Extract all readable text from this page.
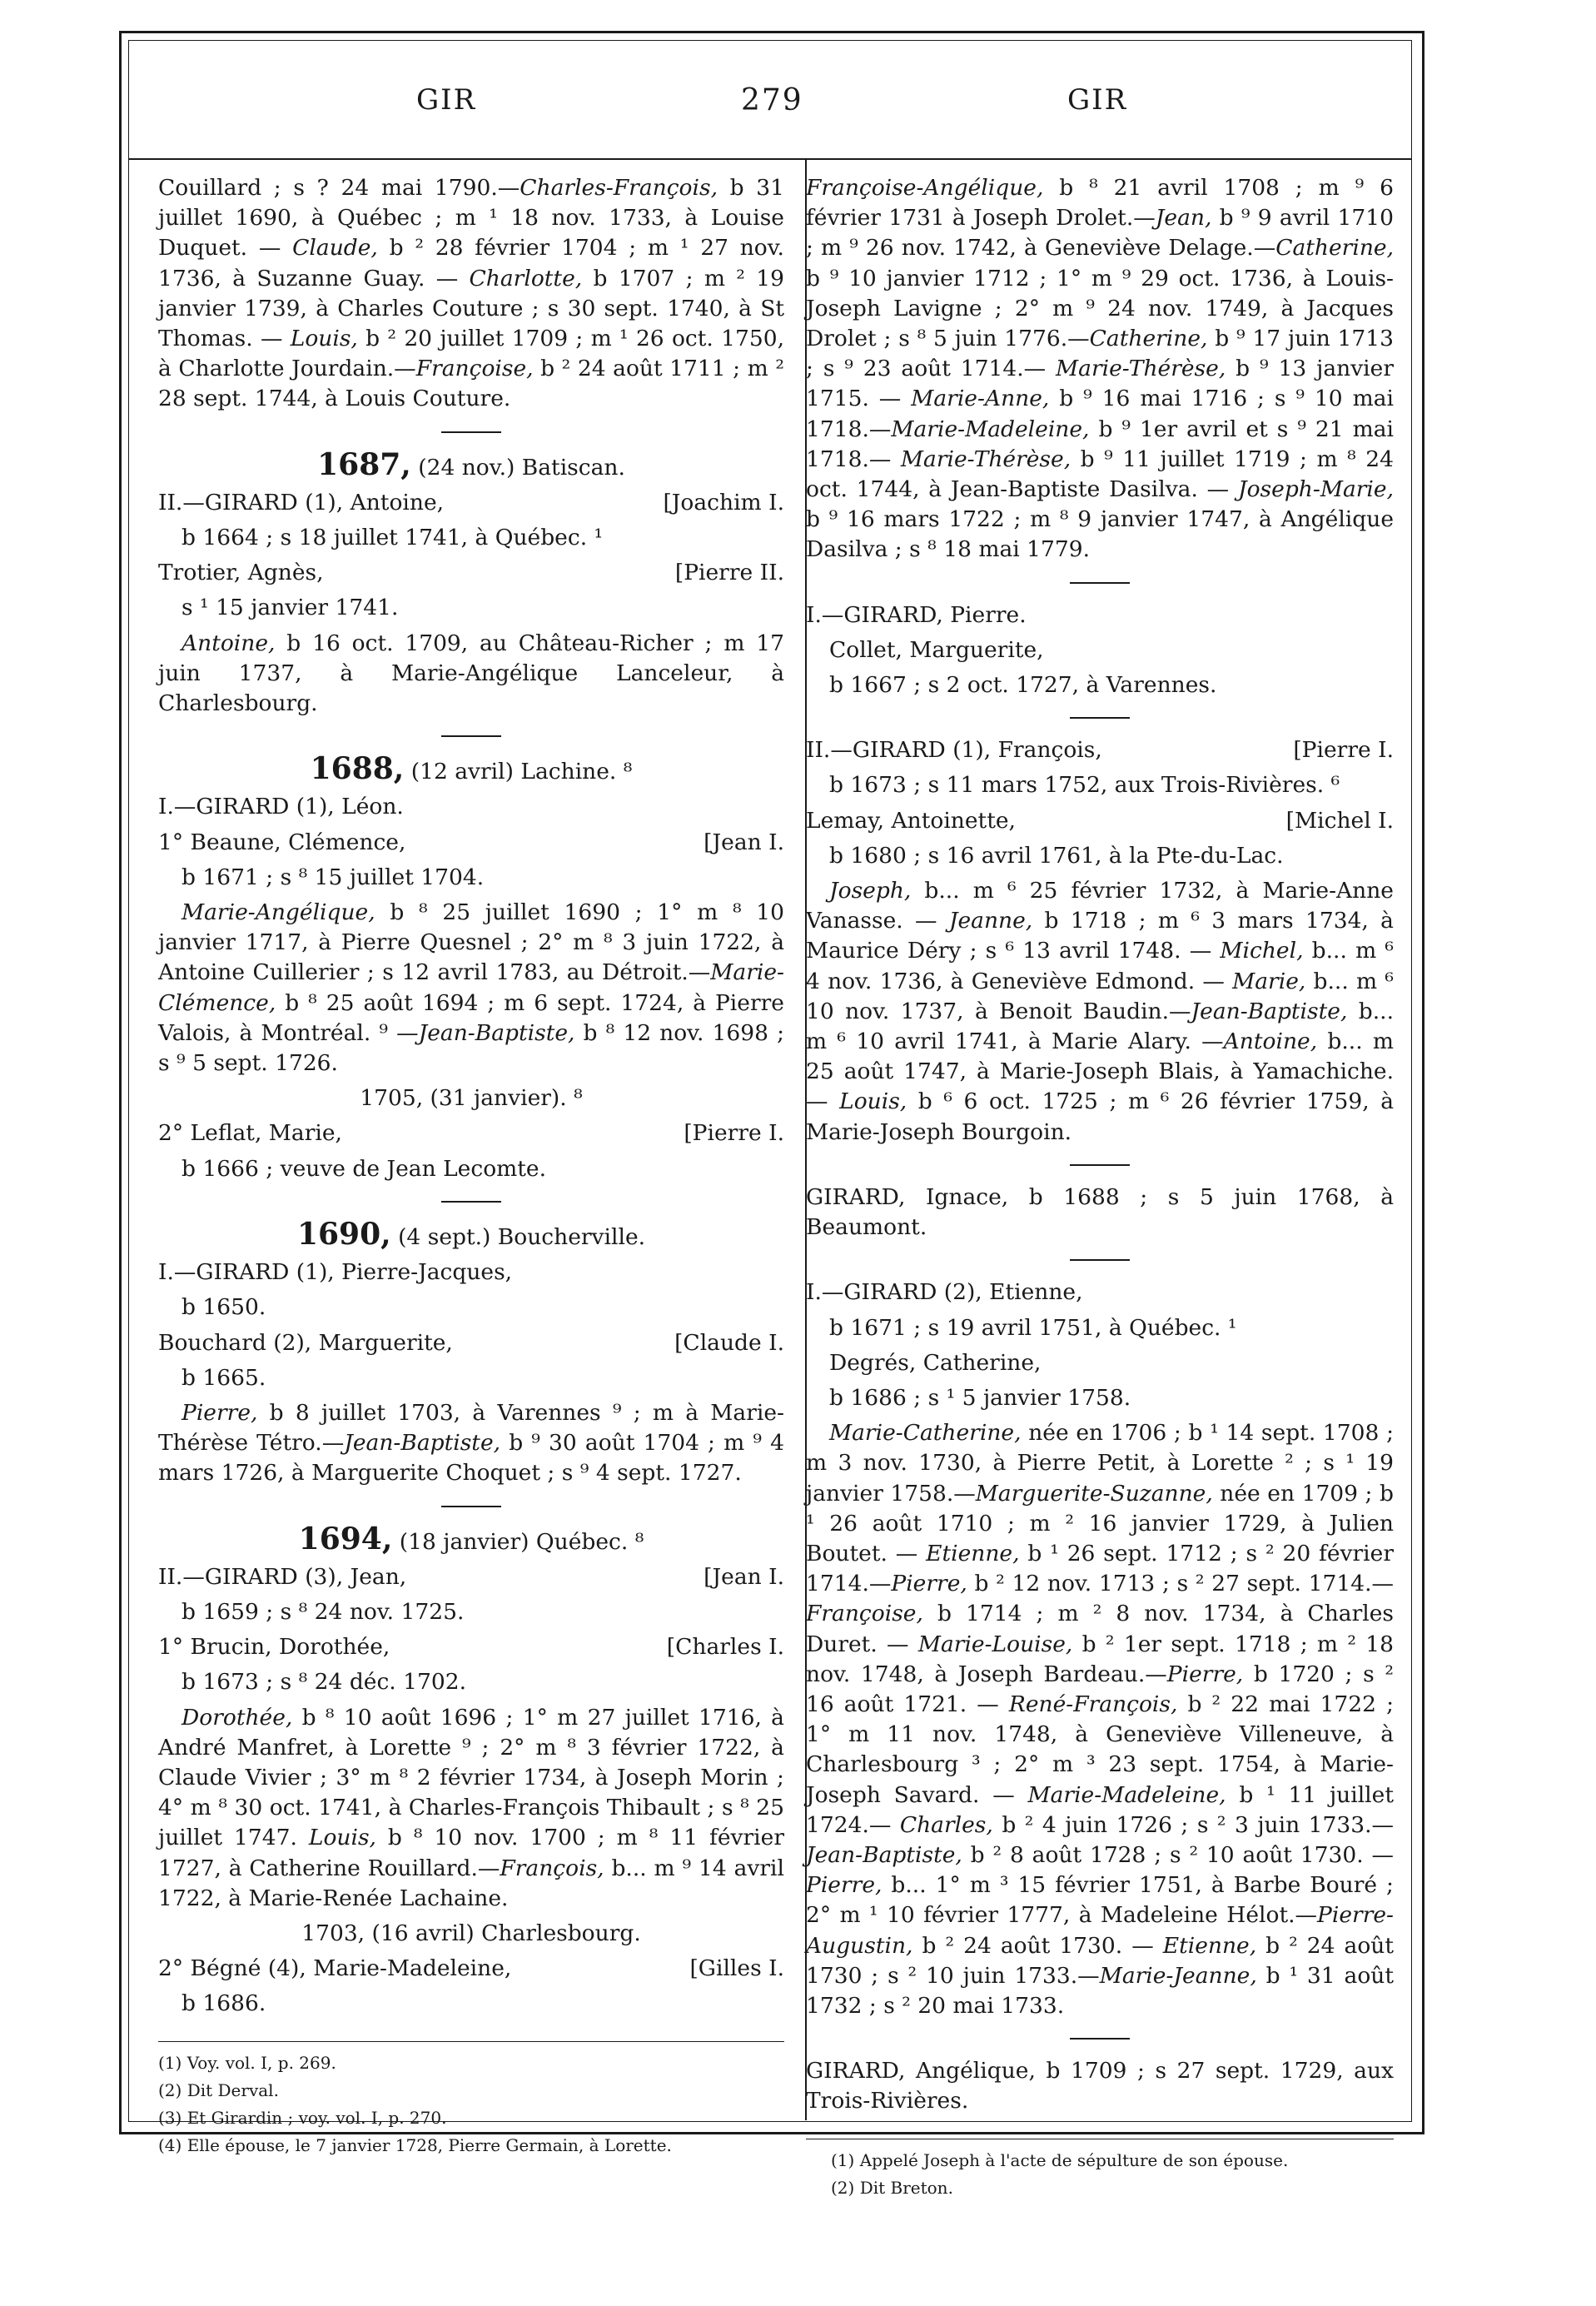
GIR	279	GIR

Couillard ; s ? 24 mai 1790.—Charles-François, b 31 juillet 1690, à Québec ; m ¹ 18 nov. 1733, à Louise Duquet. — Claude, b ² 28 février 1704 ; m ¹ 27 nov. 1736, à Suzanne Guay. — Charlotte, b 1707 ; m ² 19 janvier 1739, à Charles Couture ; s 30 sept. 1740, à St Thomas. — Louis, b ² 20 juillet 1709 ; m ¹ 26 oct. 1750, à Charlotte Jourdain.—Françoise, b ² 24 août 1711 ; m ² 28 sept. 1744, à Louis Couture.

1687, (24 nov.) Batiscan.

II.—GIRARD (1), Antoine,	[Joachim I.

b 1664 ; s 18 juillet 1741, à Québec. ¹

Trotier, Agnès,	[Pierre II.

s ¹ 15 janvier 1741.

Antoine, b 16 oct. 1709, au Château-Richer ; m 17 juin 1737, à Marie-Angélique Lanceleur, à Charlesbourg.

1688, (12 avril) Lachine. ⁸

I.—GIRARD (1), Léon.

1° Beaune, Clémence,	[Jean I.

b 1671 ; s ⁸ 15 juillet 1704.

Marie-Angélique, b ⁸ 25 juillet 1690 ; 1° m ⁸ 10 janvier 1717, à Pierre Quesnel ; 2° m ⁸ 3 juin 1722, à Antoine Cuillerier ; s 12 avril 1783, au Détroit.—Marie-Clémence, b ⁸ 25 août 1694 ; m 6 sept. 1724, à Pierre Valois, à Montréal. ⁹ —Jean-Baptiste, b ⁸ 12 nov. 1698 ; s ⁹ 5 sept. 1726.

1705, (31 janvier). ⁸

2° Leflat, Marie,	[Pierre I.

b 1666 ; veuve de Jean Lecomte.

1690, (4 sept.) Boucherville.

I.—GIRARD (1), Pierre-Jacques,

b 1650.

Bouchard (2), Marguerite,	[Claude I.

b 1665.

Pierre, b 8 juillet 1703, à Varennes ⁹ ; m à Marie-Thérèse Tétro.—Jean-Baptiste, b ⁹ 30 août 1704 ; m ⁹ 4 mars 1726, à Marguerite Choquet ; s ⁹ 4 sept. 1727.

1694, (18 janvier) Québec. ⁸

II.—GIRARD (3), Jean,	[Jean I.

b 1659 ; s ⁸ 24 nov. 1725.

1° Brucin, Dorothée,	[Charles I.

b 1673 ; s ⁸ 24 déc. 1702.

Dorothée, b ⁸ 10 août 1696 ; 1° m 27 juillet 1716, à André Manfret, à Lorette ⁹ ; 2° m ⁸ 3 février 1722, à Claude Vivier ; 3° m ⁸ 2 février 1734, à Joseph Morin ; 4° m ⁸ 30 oct. 1741, à Charles-François Thibault ; s ⁸ 25 juillet 1747. Louis, b ⁸ 10 nov. 1700 ; m ⁸ 11 février 1727, à Catherine Rouillard.—François, b... m ⁹ 14 avril 1722, à Marie-Renée Lachaine.

1703, (16 avril) Charlesbourg.

2° Bégné (4), Marie-Madeleine,	[Gilles I.

b 1686.

(1) Voy. vol. I, p. 269.

(2) Dit Derval.

(3) Et Girardin ; voy. vol. I, p. 270.

(4) Elle épouse, le 7 janvier 1728, Pierre Germain, à Lorette.

Françoise-Angélique, b ⁸ 21 avril 1708 ; m ⁹ 6 février 1731 à Joseph Drolet.—Jean, b ⁹ 9 avril 1710 ; m ⁹ 26 nov. 1742, à Geneviève Delage.—Catherine, b ⁹ 10 janvier 1712 ; 1° m ⁹ 29 oct. 1736, à Louis-Joseph Lavigne ; 2° m ⁹ 24 nov. 1749, à Jacques Drolet ; s ⁸ 5 juin 1776.—Catherine, b ⁹ 17 juin 1713 ; s ⁹ 23 août 1714.— Marie-Thérèse, b ⁹ 13 janvier 1715. — Marie-Anne, b ⁹ 16 mai 1716 ; s ⁹ 10 mai 1718.—Marie-Madeleine, b ⁹ 1er avril et s ⁹ 21 mai 1718.— Marie-Thérèse, b ⁹ 11 juillet 1719 ; m ⁸ 24 oct. 1744, à Jean-Baptiste Dasilva. — Joseph-Marie, b ⁹ 16 mars 1722 ; m ⁸ 9 janvier 1747, à Angélique Dasilva ; s ⁸ 18 mai 1779.

I.—GIRARD, Pierre.

Collet, Marguerite,

b 1667 ; s 2 oct. 1727, à Varennes.

II.—GIRARD (1), François,	[Pierre I.

b 1673 ; s 11 mars 1752, aux Trois-Rivières. ⁶

Lemay, Antoinette,	[Michel I.

b 1680 ; s 16 avril 1761, à la Pte-du-Lac.

Joseph, b... m ⁶ 25 février 1732, à Marie-Anne Vanasse. — Jeanne, b 1718 ; m ⁶ 3 mars 1734, à Maurice Déry ; s ⁶ 13 avril 1748. — Michel, b... m ⁶ 4 nov. 1736, à Geneviève Edmond. — Marie, b... m ⁶ 10 nov. 1737, à Benoit Baudin.—Jean-Baptiste, b... m ⁶ 10 avril 1741, à Marie Alary. —Antoine, b... m 25 août 1747, à Marie-Joseph Blais, à Yamachiche. — Louis, b ⁶ 6 oct. 1725 ; m ⁶ 26 février 1759, à Marie-Joseph Bourgoin.

GIRARD, Ignace, b 1688 ; s 5 juin 1768, à Beaumont.

I.—GIRARD (2), Etienne,

b 1671 ; s 19 avril 1751, à Québec. ¹

Degrés, Catherine,

b 1686 ; s ¹ 5 janvier 1758.

Marie-Catherine, née en 1706 ; b ¹ 14 sept. 1708 ; m 3 nov. 1730, à Pierre Petit, à Lorette ² ; s ¹ 19 janvier 1758.—Marguerite-Suzanne, née en 1709 ; b ¹ 26 août 1710 ; m ² 16 janvier 1729, à Julien Boutet. — Etienne, b ¹ 26 sept. 1712 ; s ² 20 février 1714.—Pierre, b ² 12 nov. 1713 ; s ² 27 sept. 1714.—Françoise, b 1714 ; m ² 8 nov. 1734, à Charles Duret. — Marie-Louise, b ² 1er sept. 1718 ; m ² 18 nov. 1748, à Joseph Bardeau.—Pierre, b 1720 ; s ² 16 août 1721. — René-François, b ² 22 mai 1722 ; 1° m 11 nov. 1748, à Geneviève Villeneuve, à Charlesbourg ³ ; 2° m ³ 23 sept. 1754, à Marie-Joseph Savard. — Marie-Madeleine, b ¹ 11 juillet 1724.— Charles, b ² 4 juin 1726 ; s ² 3 juin 1733.— Jean-Baptiste, b ² 8 août 1728 ; s ² 10 août 1730. — Pierre, b... 1° m ³ 15 février 1751, à Barbe Bouré ; 2° m ¹ 10 février 1777, à Madeleine Hélot.—Pierre-Augustin, b ² 24 août 1730. — Etienne, b ² 24 août 1730 ; s ² 10 juin 1733.—Marie-Jeanne, b ¹ 31 août 1732 ; s ² 20 mai 1733.

GIRARD, Angélique, b 1709 ; s 27 sept. 1729, aux Trois-Rivières.

(1) Appelé Joseph à l'acte de sépulture de son épouse.

(2) Dit Breton.
